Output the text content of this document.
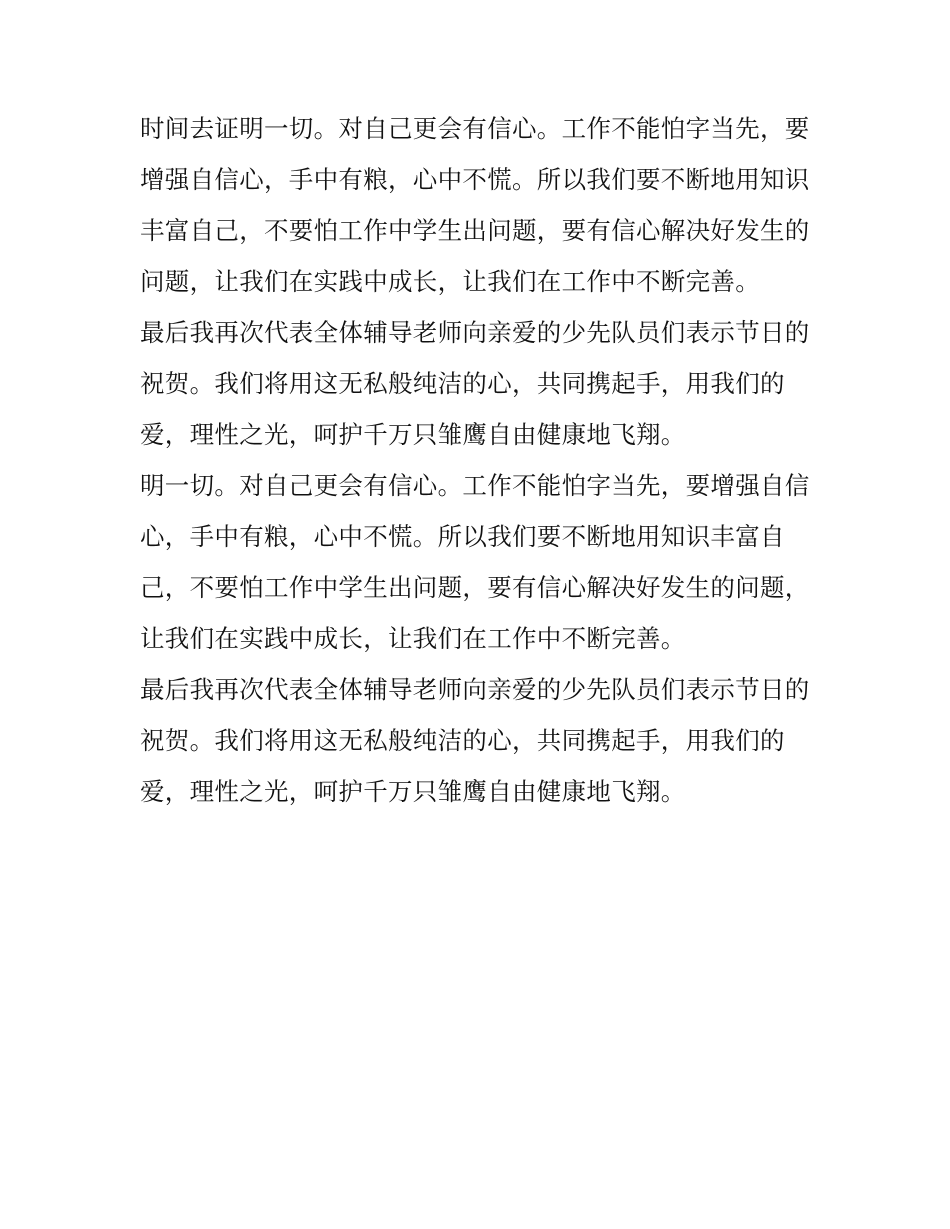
时间去证明一切。对自己更会有信心。工作不能怕字当先，要
增强自信心，手中有粮，心中不慌。所以我们要不断地用知识
丰富自己，不要怕工作中学生出问题，要有信心解决好发生的
问题，让我们在实践中成长，让我们在工作中不断完善。
最后我再次代表全体辅导老师向亲爱的少先队员们表示节日的
祝贺。我们将用这无私般纯洁的心，共同携起手，用我们的
爱，理性之光，呵护千万只雏鹰自由健康地飞翔。
明一切。对自己更会有信心。工作不能怕字当先，要增强自信
心，手中有粮，心中不慌。所以我们要不断地用知识丰富自
己，不要怕工作中学生出问题，要有信心解决好发生的问题，
让我们在实践中成长，让我们在工作中不断完善。
最后我再次代表全体辅导老师向亲爱的少先队员们表示节日的
祝贺。我们将用这无私般纯洁的心，共同携起手，用我们的
爱，理性之光，呵护千万只雏鹰自由健康地飞翔。
